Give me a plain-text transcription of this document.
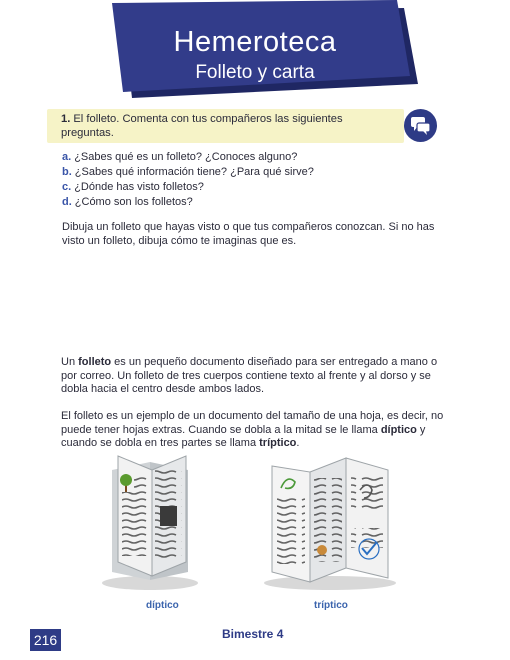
Hemeroteca
Folleto y carta
1. El folleto. Comenta con tus compañeros las siguientes preguntas.
a. ¿Sabes qué es un folleto? ¿Conoces alguno?
b. ¿Sabes qué información tiene? ¿Para qué sirve?
c. ¿Dónde has visto folletos?
d. ¿Cómo son los folletos?
Dibuja un folleto que hayas visto o que tus compañeros conozcan. Si no has visto un folleto, dibuja cómo te imaginas que es.
Un folleto es un pequeño documento diseñado para ser entregado a mano o por correo. Un folleto de tres cuerpos contiene texto al frente y al dorso y se dobla hacia el centro desde ambos lados.
El folleto es un ejemplo de un documento del tamaño de una hoja, es decir, no puede tener hojas extras. Cuando se dobla a la mitad se le llama díptico y cuando se dobla en tres partes se llama tríptico.
díptico	tríptico
216	Bimestre 4
